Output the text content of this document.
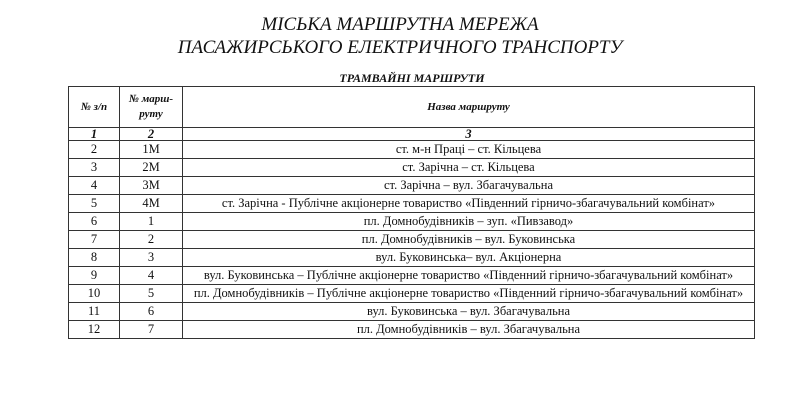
МІСЬКА МАРШРУТНА МЕРЕЖА
ПАСАЖИРСЬКОГО ЕЛЕКТРИЧНОГО ТРАНСПОРТУ
ТРАМВАЙНІ МАРШРУТИ
№ з/п	№ марш-руту	Назва маршруту
1	2	3
2	1М	ст. м-н Праці – ст. Кільцева
3	2М	ст. Зарічна – ст. Кільцева
4	3М	ст. Зарічна – вул. Збагачувальна
5	4М	ст. Зарічна - Публічне акціонерне товариство «Південний гірничо-збагачувальний комбінат»
6	1	пл. Домнобудівників – зуп. «Пивзавод»
7	2	пл. Домнобудівників – вул. Буковинська
8	3	вул. Буковинська– вул. Акціонерна
9	4	вул. Буковинська – Публічне акціонерне товариство «Південний гірничо-збагачувальний комбінат»
10	5	пл. Домнобудівників – Публічне акціонерне товариство «Південний гірничо-збагачувальний комбінат»
11	6	вул. Буковинська – вул. Збагачувальна
12	7	пл. Домнобудівників – вул. Збагачувальна
